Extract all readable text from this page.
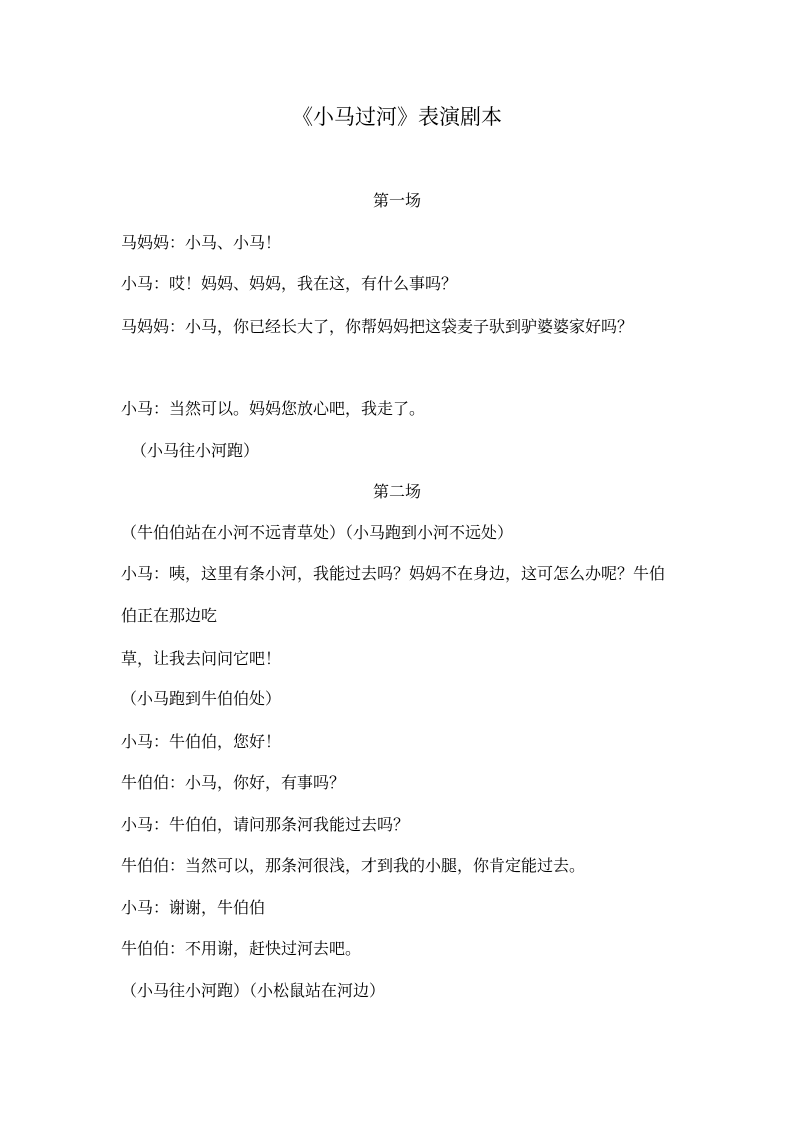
《小马过河》表演剧本
第一场
马妈妈：小马、小马！
小马：哎！妈妈、妈妈，我在这，有什么事吗？
马妈妈：小马，你已经长大了，你帮妈妈把这袋麦子驮到驴婆婆家好吗？
小马：当然可以。妈妈您放心吧，我走了。
（小马往小河跑）
第二场
（牛伯伯站在小河不远青草处）（小马跑到小河不远处）
小马：咦，这里有条小河，我能过去吗？妈妈不在身边，这可怎么办呢？牛伯伯正在那边吃
草，让我去问问它吧！
（小马跑到牛伯伯处）
小马：牛伯伯，您好！
牛伯伯：小马，你好，有事吗？
小马：牛伯伯，请问那条河我能过去吗？
牛伯伯：当然可以，那条河很浅，才到我的小腿，你肯定能过去。
小马：谢谢，牛伯伯
牛伯伯：不用谢，赶快过河去吧。
（小马往小河跑）（小松鼠站在河边）
